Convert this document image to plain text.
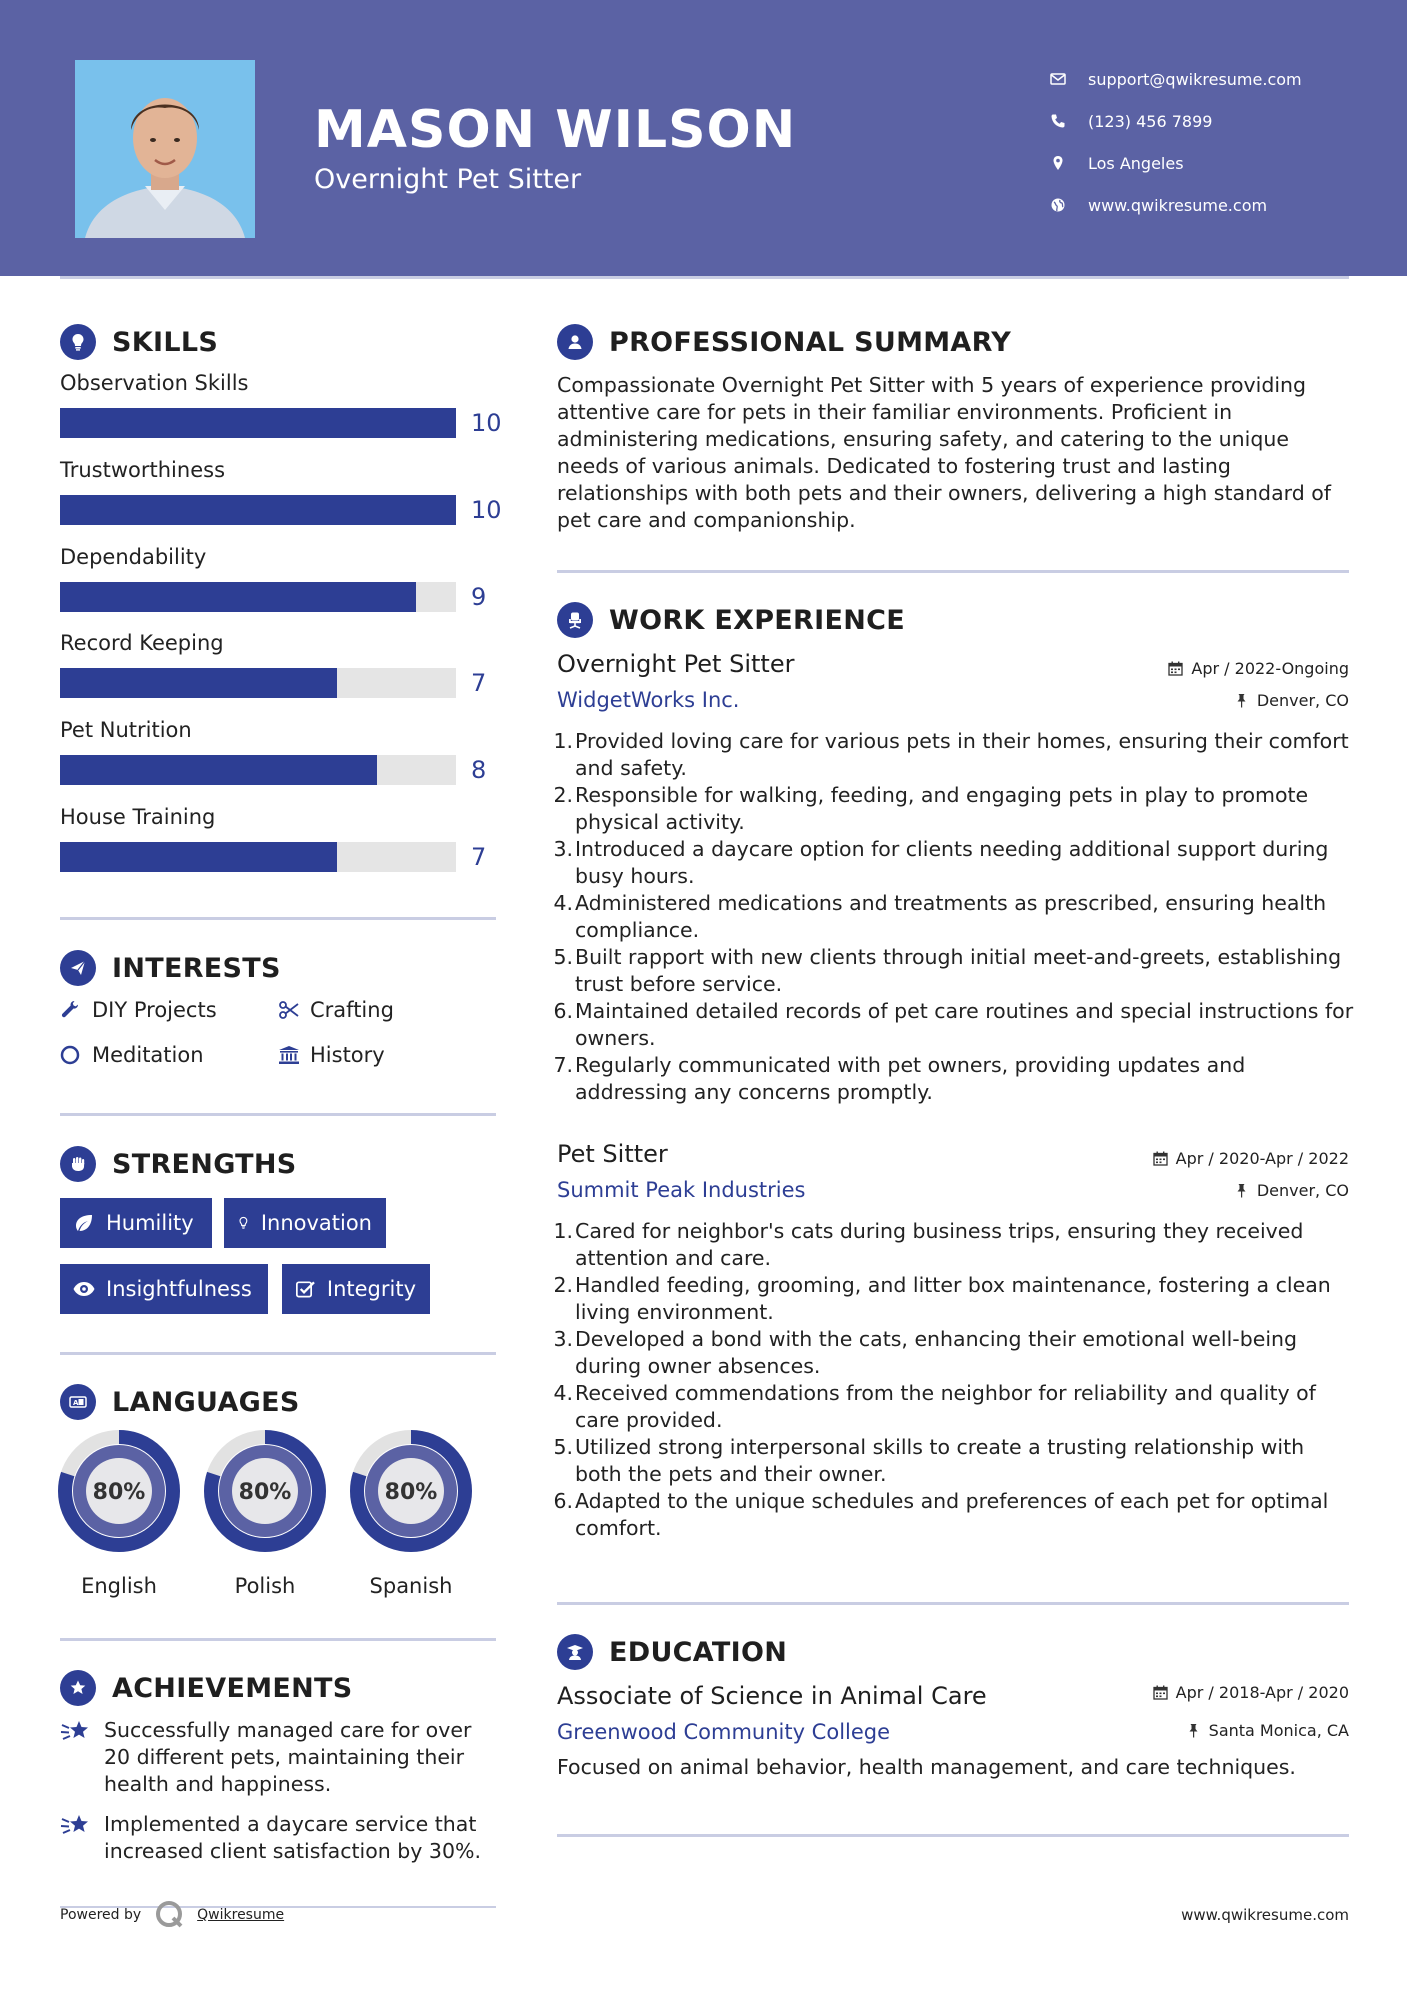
MASON WILSON
Overnight Pet Sitter
support@qwikresume.com
(123) 456 7899
Los Angeles
www.qwikresume.com
SKILLS
Observation Skills
10
Trustworthiness
10
Dependability
9
Record Keeping
7
Pet Nutrition
8
House Training
7
INTERESTS
DIY Projects	Crafting
Meditation	History
STRENGTHS
Humility	Innovation
Insightfulness	Integrity
A LANGUAGES
80%
English
80%
Polish
80%
Spanish
ACHIEVEMENTS
Successfully managed care for over 20 different pets, maintaining their health and happiness.
Implemented a daycare service that increased client satisfaction by 30%.
PROFESSIONAL SUMMARY
Compassionate Overnight Pet Sitter with 5 years of experience providing attentive care for pets in their familiar environments. Proficient in administering medications, ensuring safety, and catering to the unique needs of various animals. Dedicated to fostering trust and lasting relationships with both pets and their owners, delivering a high standard of pet care and companionship.
WORK EXPERIENCE
Overnight Pet Sitter	Apr / 2022-Ongoing
WidgetWorks Inc.	Denver, CO
1. Provided loving care for various pets in their homes, ensuring their comfort and safety.
2. Responsible for walking, feeding, and engaging pets in play to promote physical activity.
3. Introduced a daycare option for clients needing additional support during busy hours.
4. Administered medications and treatments as prescribed, ensuring health compliance.
5. Built rapport with new clients through initial meet-and-greets, establishing trust before service.
6. Maintained detailed records of pet care routines and special instructions for owners.
7. Regularly communicated with pet owners, providing updates and addressing any concerns promptly.
Pet Sitter	Apr / 2020-Apr / 2022
Summit Peak Industries	Denver, CO
1. Cared for neighbor's cats during business trips, ensuring they received attention and care.
2. Handled feeding, grooming, and litter box maintenance, fostering a clean living environment.
3. Developed a bond with the cats, enhancing their emotional well-being during owner absences.
4. Received commendations from the neighbor for reliability and quality of care provided.
5. Utilized strong interpersonal skills to create a trusting relationship with both the pets and their owner.
6. Adapted to the unique schedules and preferences of each pet for optimal comfort.
EDUCATION
Associate of Science in Animal Care	Apr / 2018-Apr / 2020
Greenwood Community College	Santa Monica, CA
Focused on animal behavior, health management, and care techniques.
Powered by	Qwikresume	www.qwikresume.com
